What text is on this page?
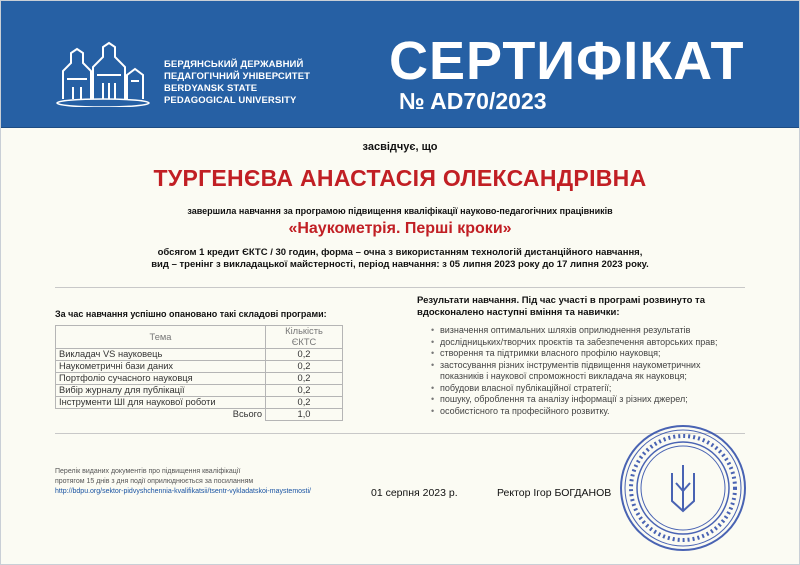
БЕРДЯНСЬКИЙ ДЕРЖАВНИЙ
ПЕДАГОГІЧНИЙ УНІВЕРСИТЕТ
BERDYANSK STATE
PEDAGOGICAL UNIVERSITY
СЕРТИФІКАТ
№ AD70/2023
засвідчує, що
ТУРГЕНЄВА АНАСТАСІЯ ОЛЕКСАНДРІВНА
завершила навчання за програмою підвищення кваліфікації науково-педагогічних працівників
«Наукометрія. Перші кроки»
обсягом 1 кредит ЄКТС / 30 годин, форма – очна з використанням технологій дистанційного навчання,
вид – тренінг з викладацької майстерності, період навчання: з 05 липня 2023 року до 17 липня 2023 року.
За час навчання успішно опановано такі складові програми:
Тема	Кількість
ЄКТС
Викладач VS науковець	0,2
Наукометричні бази даних	0,2
Портфоліо сучасного науковця	0,2
Вибір журналу для публікації	0,2
Інструменти ШІ для наукової роботи	0,2
Всього	1,0
Результати навчання. Під час участі в програмі розвинуто та
вдосконалено наступні вміння та навички:
• визначення оптимальних шляхів оприлюднення результатів
• дослідницьких/творчих проєктів та забезпечення авторських прав;
• створення та підтримки власного профілю науковця;
• застосування різних інструментів підвищення наукометричних
показників і наукової спроможності викладача як науковця;
• побудови власної публікаційної стратегії;
• пошуку, оброблення та аналізу інформації з різних джерел;
• особистісного та професійного розвитку.
Перелік виданих документів про підвищення кваліфікації
протягом 15 днів з дня події оприлюднюється за посиланням
http://bdpu.org/sektor-pidvyshchennia-kvalifikatsii/tsentr-vykladatskoi-maystemosti/	01 серпня 2023 р.	Ректор Ігор БОГДАНОВ
